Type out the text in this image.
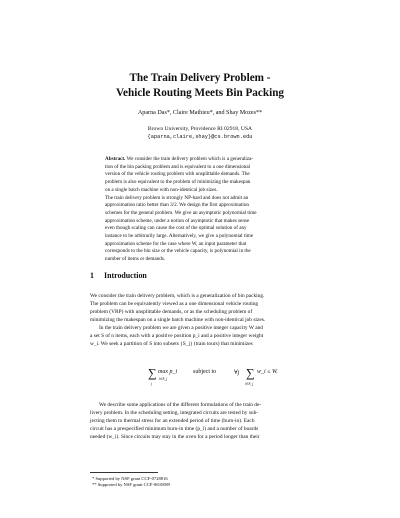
The Train Delivery Problem -
Vehicle Routing Meets Bin Packing
Aparna Das*, Claire Mathieu*, and Shay Mozes**
Brown University, Providence RI 02918, USA
{aparna,claire,shay}@cs.brown.edu

Abstract. We consider the train delivery problem which is a generaliza-
tion of the bin packing problem and is equivalent to a one dimensional
version of the vehicle routing problem with unsplittable demands. The
problem is also equivalent to the problem of minimizing the makespan
on a single batch machine with non-identical job sizes.

The train delivery problem is strongly NP-hard and does not admit an
approximation ratio better than 3/2. We design the first approximation
schemes for the general problem. We give an asymptotic polynomial time
approximation scheme, under a notion of asymptotic that makes sense
even though scaling can cause the cost of the optimal solution of any
instance to be arbitrarily large. Alternatively, we give a polynomial time
approximation scheme for the case where W, an input parameter that
corresponds to the bin size or the vehicle capacity, is polynomial in the
number of items or demands.

1 Introduction

We consider the train delivery problem, which is a generalization of bin packing.
The problem can be equivalently viewed as a one dimensional vehicle routing
problem (VRP) with unsplittable demands, or as the scheduling problem of
minimizing the makespan on a single batch machine with non-identical job sizes.

In the train delivery problem we are given a positive integer capacity W and
a set S of n items, each with a positive position p_i and a positive integer weight
w_i. We seek a partition of S into subsets {S_j} (train tours) that minimizes

∑
j
max p_i
i∈S_j
subject to	∀j ∑
i∈S_j
w_i ≤ W.

We describe some applications of the different formulations of the train de-
livery problem. In the scheduling setting, integrated circuits are tested by sub-
jecting them to thermal stress for an extended period of time (burn-in). Each
circuit has a prespecified minimum burn-in time (p_i) and a number of boards
needed (w_i). Since circuits may stay in the oven for a period longer than their

* Supported by NSF grant CCF-0728816
** Supported by NSF grant CCF-0635089
